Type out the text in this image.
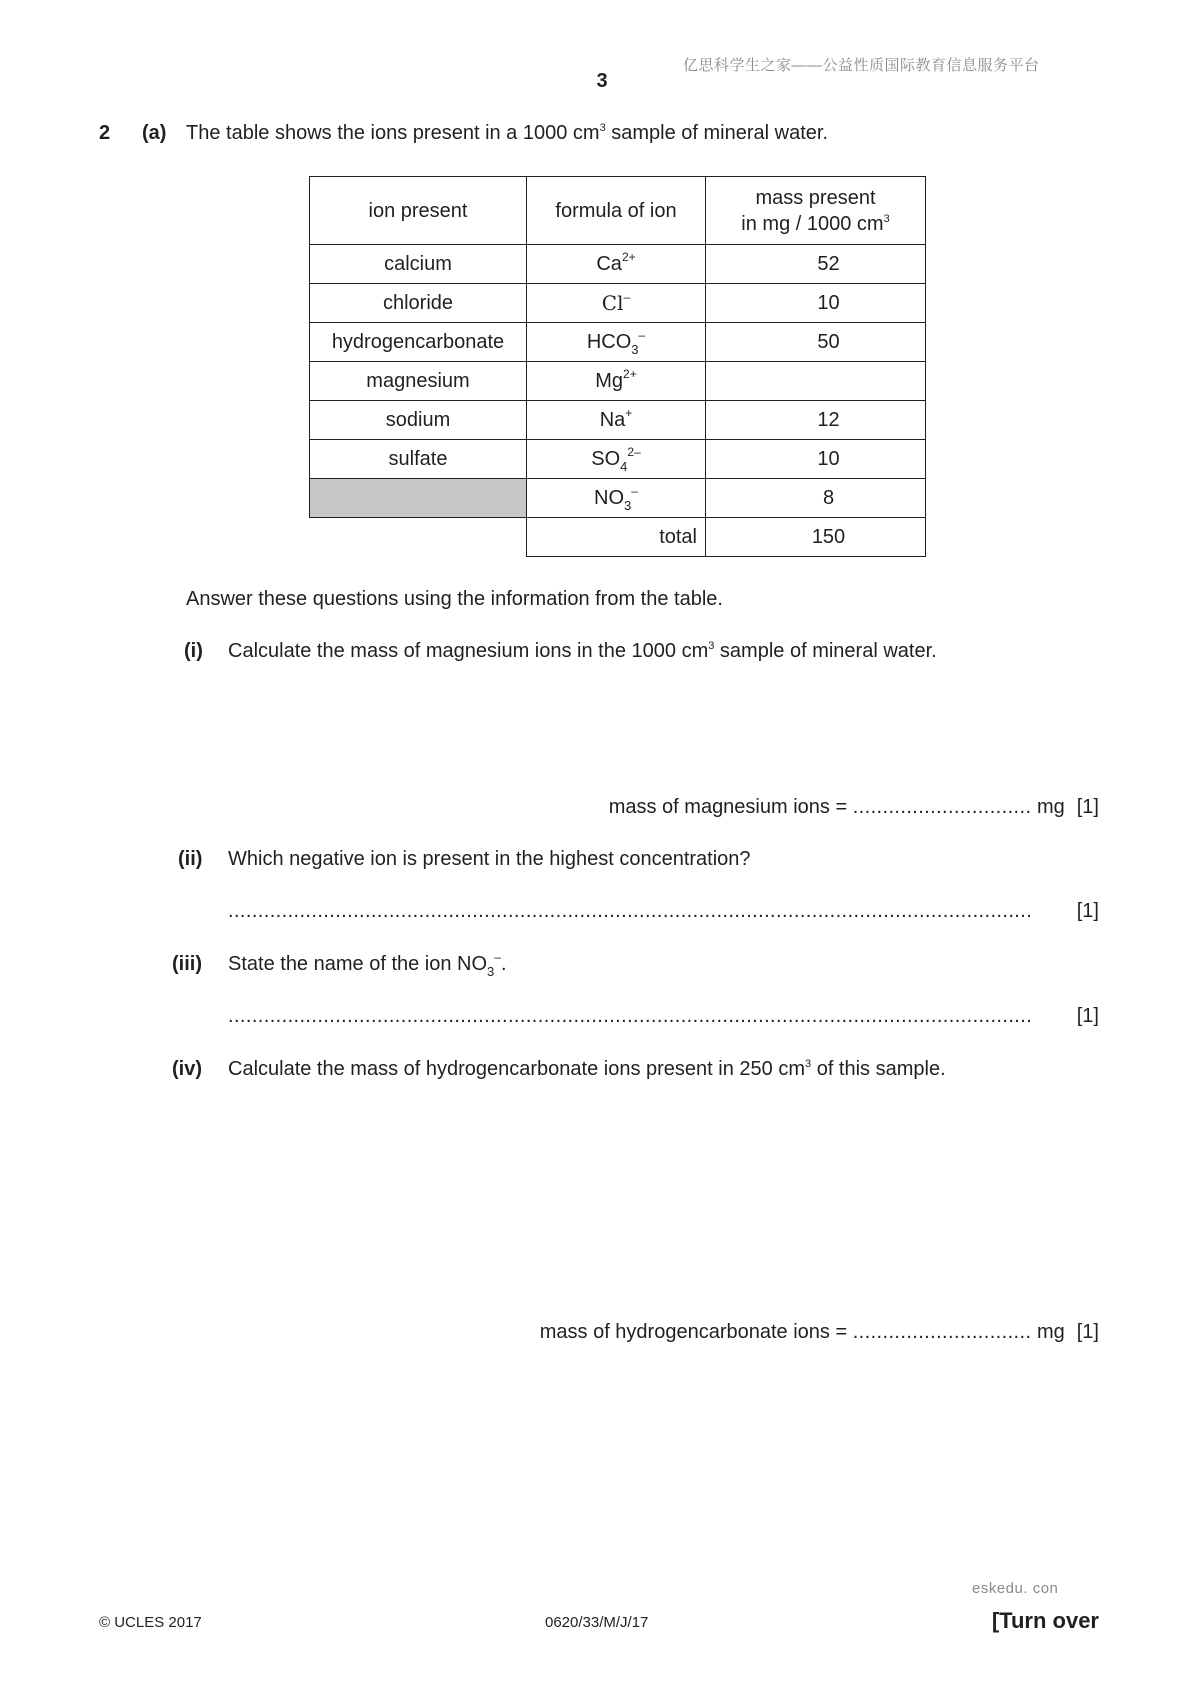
亿思科学生之家——公益性质国际教育信息服务平台
3
2 (a) The table shows the ions present in a 1000 $cm^3$ sample of mineral water.
ion present	formula of ion	mass present
in mg / 1000 $cm^3$

calcium	$Ca^{2+}$	52
chloride	Cl–	10
hydrogencarbonate	$HCO_3^-$	50
magnesium	$Mg^{2+}$	
sodium	Na+	12
sulfate	$SO_4^{2-}$	10
	$NO_3^-$	8
	total	150
Answer these questions using the information from the table.
(i) Calculate the mass of magnesium ions in the 1000 $cm^3$ sample of mineral water.
mass of magnesium ions = .............................. mg [1]
(ii) Which negative ion is present in the highest concentration?
.......................................................................................................................................	[1]
(iii) State the name of the ion $NO_3^-$.
.......................................................................................................................................	[1]
(iv) Calculate the mass of hydrogencarbonate ions present in 250 $cm^3$ of this sample.
mass of hydrogencarbonate ions = .............................. mg [1]
eskedu. con
© UCLES 2017	0620/33/M/J/17	[Turn over
